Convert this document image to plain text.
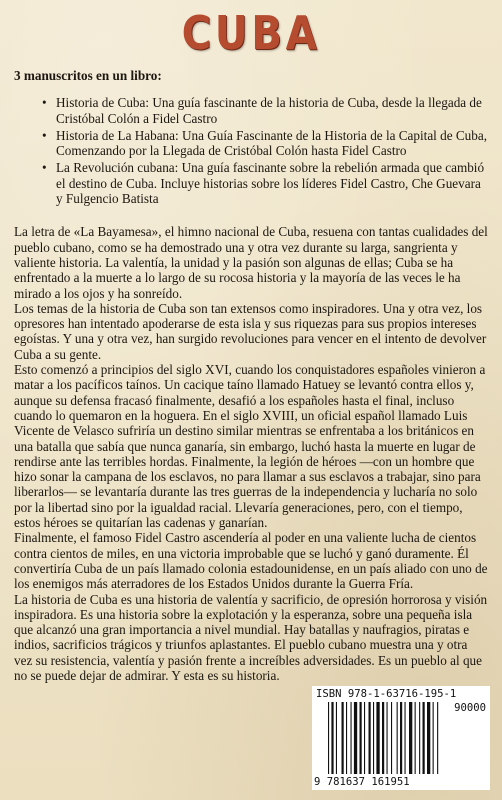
CUBA

3 manuscritos en un libro:

• Historia de Cuba: Una guía fascinante de la historia de Cuba, desde la llegada de Cristóbal Colón a Fidel Castro
• Historia de La Habana: Una Guía Fascinante de la Historia de la Capital de Cuba, Comenzando por la Llegada de Cristóbal Colón hasta Fidel Castro
• La Revolución cubana: Una guía fascinante sobre la rebelión armada que cambió el destino de Cuba. Incluye historias sobre los líderes Fidel Castro, Che Guevara y Fulgencio Batista

La letra de «La Bayamesa», el himno nacional de Cuba, resuena con tantas cualidades del pueblo cubano, como se ha demostrado una y otra vez durante su larga, sangrienta y valiente historia. La valentía, la unidad y la pasión son algunas de ellas; Cuba se ha enfrentado a la muerte a lo largo de su rocosa historia y la mayoría de las veces le ha mirado a los ojos y ha sonreído.

Los temas de la historia de Cuba son tan extensos como inspiradores. Una y otra vez, los opresores han intentado apoderarse de esta isla y sus riquezas para sus propios intereses egoístas. Y una y otra vez, han surgido revoluciones para vencer en el intento de devolver Cuba a su gente.

Esto comenzó a principios del siglo XVI, cuando los conquistadores españoles vinieron a matar a los pacíficos taínos. Un cacique taíno llamado Hatuey se levantó contra ellos y, aunque su defensa fracasó finalmente, desafió a los españoles hasta el final, incluso cuando lo quemaron en la hoguera. En el siglo XVIII, un oficial español llamado Luis Vicente de Velasco sufriría un destino similar mientras se enfrentaba a los británicos en una batalla que sabía que nunca ganaría, sin embargo, luchó hasta la muerte en lugar de rendirse ante las terribles hordas. Finalmente, la legión de héroes —con un hombre que hizo sonar la campana de los esclavos, no para llamar a sus esclavos a trabajar, sino para liberarlos— se levantaría durante las tres guerras de la independencia y lucharía no solo por la libertad sino por la igualdad racial. Llevaría generaciones, pero, con el tiempo, estos héroes se quitarían las cadenas y ganarían.

Finalmente, el famoso Fidel Castro ascendería al poder en una valiente lucha de cientos contra cientos de miles, en una victoria improbable que se luchó y ganó duramente. Él convertiría Cuba de un país llamado colonia estadounidense, en un país aliado con uno de los enemigos más aterradores de los Estados Unidos durante la Guerra Fría.

La historia de Cuba es una historia de valentía y sacrificio, de opresión horrorosa y visión inspiradora. Es una historia sobre la explotación y la esperanza, sobre una pequeña isla que alcanzó una gran importancia a nivel mundial. Hay batallas y naufragios, piratas e indios, sacrificios trágicos y triunfos aplastantes. El pueblo cubano muestra una y otra vez su resistencia, valentía y pasión frente a increíbles adversidades. Es un pueblo al que no se puede dejar de admirar. Y esta es su historia.

ISBN 978-1-63716-195-1
90000
9 781637 161951
